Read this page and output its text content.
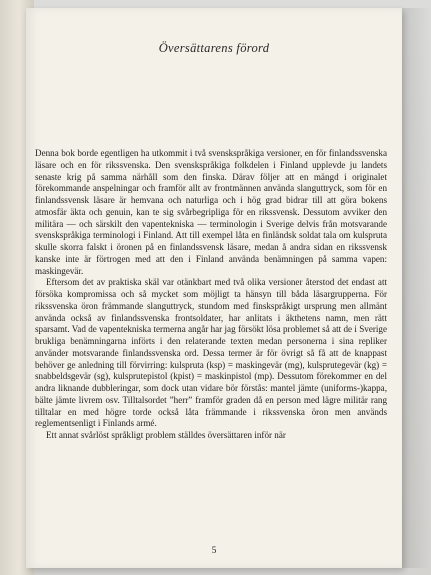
Översättarens förord

Denna bok borde egentligen ha utkommit i två svenskspråkiga versioner, en för finlandssvenska läsare och en för rikssvenska. Den svenskspråkiga folkdelen i Finland upplevde ju landets senaste krig på samma närhåll som den finska. Därav följer att en mängd i originalet förekommande anspelningar och framför allt av frontmännen använda slanguttryck, som för en finlandssvensk läsare är hemvana och naturliga och i hög grad bidrar till att göra bokens atmosfär äkta och genuin, kan te sig svårbegripliga för en rikssvensk. Dessutom avviker den militära — och särskilt den vapentekniska — terminologin i Sverige delvis från motsvarande svenskspråkiga terminologi i Finland. Att till exempel låta en finländsk soldat tala om kulspruta skulle skorra falskt i öronen på en finlandssvensk läsare, medan å andra sidan en rikssvensk kanske inte är förtrogen med att den i Finland använda benämningen på samma vapen: maskingevär.

Eftersom det av praktiska skäl var otänkbart med två olika versioner återstod det endast att försöka kompromissa och så mycket som möjligt ta hänsyn till båda läsargrupperna. För rikssvenska öron främmande slanguttryck, stundom med finskspråkigt ursprung men allmänt använda också av finlandssvenska frontsoldater, har anlitats i äkthetens namn, men rätt sparsamt. Vad de vapentekniska termerna angår har jag försökt lösa problemet så att de i Sverige brukliga benämningarna införts i den relaterande texten medan personerna i sina repliker använder motsvarande finlandssvenska ord. Dessa termer är för övrigt så få att de knappast behöver ge anledning till förvirring: kulspruta (ksp) = maskingevär (mg), kulsprutegevär (kg) = snabbeldsgevär (sg), kulsprutepistol (kpist) = maskinpistol (mp). Dessutom förekommer en del andra liknande dubbleringar, som dock utan vidare bör förstås: mantel jämte (uniforms-)kappa, bälte jämte livrem osv. Tilltalsordet ”herr” framför graden då en person med lägre militär rang tilltalar en med högre torde också låta främmande i rikssvenska öron men används reglementsenligt i Finlands armé.

Ett annat svårlöst språkligt problem ställdes översättaren inför när

5
